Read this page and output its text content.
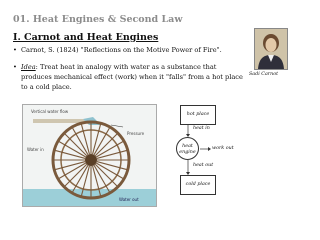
01. Heat Engines & Second Law
I. Carnot and Heat Engines
• Carnot, S. (1824) "Reflections on the Motive Power of Fire".
• Idea: Treat heat in analogy with water as a substance that produces mechanical effect (work) when it "falls" from a hot place to a cold place.
Sadi Carnot
Vertical water flow
Water in
Pressure
Water out
hot place
heat in
heat
engine
work out
heat out
cold place
